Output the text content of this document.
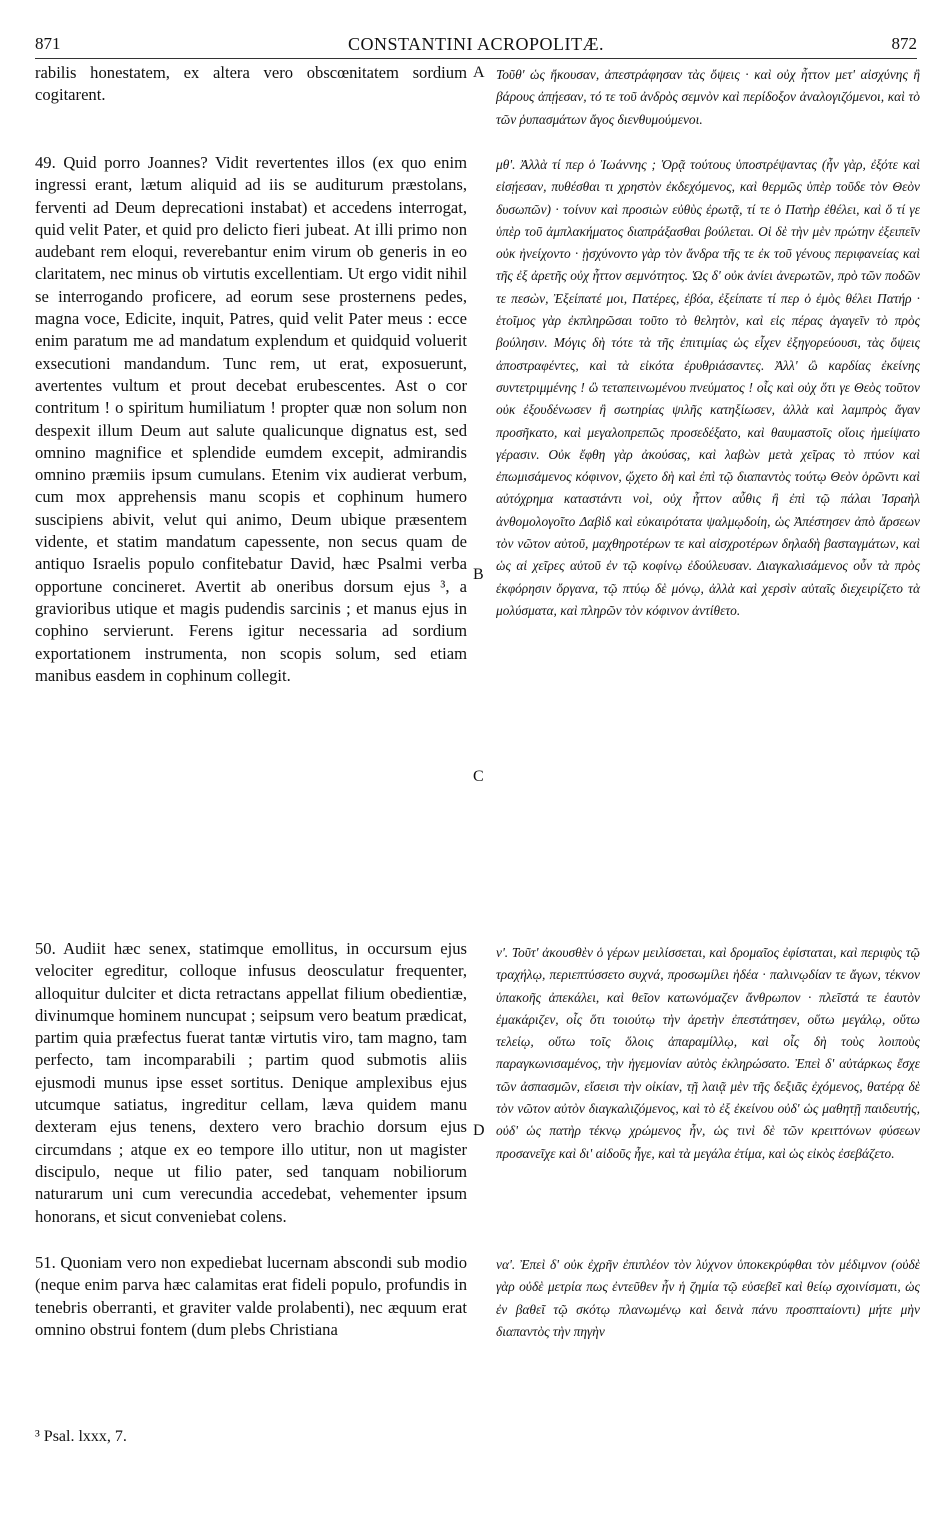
871	CONSTANTINI ACROPOLITÆ.	872

rabilis honestatem, ex altera vero obscœnitatem sordium cogitarent.

49. Quid porro Joannes? Vidit revertentes illos (ex quo enim ingressi erant, lætum aliquid ad iis se auditurum præstolans, ferventi ad Deum deprecationi instabat) et accedens interrogat, quid velit Pater, et quid pro delicto fieri jubeat. At illi primo non audebant rem eloqui, reverebantur enim virum ob generis in eo claritatem, nec minus ob virtutis excellentiam. Ut ergo vidit nihil se interrogando proficere, ad eorum sese prosternens pedes, magna voce, Edicite, inquit, Patres, quid velit Pater meus : ecce enim paratum me ad mandatum explendum et quidquid voluerit exsecutioni mandandum. Tunc rem, ut erat, exposuerunt, avertentes vultum et prout decebat erubescentes. Ast o cor contritum ! o spiritum humiliatum ! propter quæ non solum non despexit illum Deum aut salute qualicunque dignatus est, sed omnino magnifice et splendide eumdem excepit, admirandis omnino præmiis ipsum cumulans. Etenim vix audierat verbum, cum mox apprehensis manu scopis et cophinum humero suscipiens abivit, velut qui animo, Deum ubique præsentem vidente, et statim mandatum capessente, non secus quam de antiquo Israelis populo confitebatur David, hæc Psalmi verba opportune concineret. Avertit ab oneribus dorsum ejus ³, a gravioribus utique et magis pudendis sarcinis ; et manus ejus in cophino servierunt. Ferens igitur necessaria ad sordium exportationem instrumenta, non scopis solum, sed etiam manibus easdem in cophinum collegit.

50. Audiit hæc senex, statimque emollitus, in occursum ejus velociter egreditur, colloque infusus deosculatur frequenter, alloquitur dulciter et dicta retractans appellat filium obedientiæ, divinumque hominem nuncupat ; seipsum vero beatum prædicat, partim quia præfectus fuerat tantæ virtutis viro, tam magno, tam perfecto, tam incomparabili ; partim quod submotis aliis ejusmodi munus ipse esset sortitus. Denique amplexibus ejus utcumque satiatus, ingreditur cellam, læva quidem manu dexteram ejus tenens, dextero vero brachio dorsum ejus circumdans ; atque ex eo tempore illo utitur, non ut magister discipulo, neque ut filio pater, sed tanquam nobiliorum naturarum uni cum verecundia accedebat, vehementer ipsum honorans, et sicut conveniebat colens.

51. Quoniam vero non expediebat lucernam abscondi sub modio (neque enim parva hæc calamitas erat fideli populo, profundis in tenebris oberranti, et graviter valde prolabenti), nec æquum erat omnino obstrui fontem (dum plebs Christiana

A
B
C
D

Τοῦθ' ὡς ἤκουσαν, ἀπεστράφησαν τὰς ὄψεις · καὶ οὐχ ἧττον μετ' αἰσχύνης ἢ βάρους ἀπῄεσαν, τό τε τοῦ ἀνδρὸς σεμνὸν καὶ περίδοξον ἀναλογιζόμενοι, καὶ τὸ τῶν ῥυπασμάτων ἄγος διενθυμούμενοι.

μθ'. Ἀλλὰ τί περ ὁ Ἰωάννης ; Ὁρᾷ τούτους ὑποστρέψαντας (ἦν γὰρ, ἐξότε καὶ εἰσῄεσαν, πυθέσθαι τι χρηστὸν ἐκδεχόμενος, καὶ θερμῶς ὑπὲρ τοῦδε τὸν Θεὸν δυσωπῶν) · τοίνυν καὶ προσιὼν εὐθὺς ἐρωτᾷ, τί τε ὁ Πατὴρ ἐθέλει, καὶ ὅ τί γε ὑπὲρ τοῦ ἀμπλακήματος διαπράξασθαι βούλεται. Οἱ δὲ τὴν μὲν πρώτην ἐξειπεῖν οὐκ ἠνείχοντο · ᾐσχύνοντο γὰρ τὸν ἄνδρα τῆς τε ἐκ τοῦ γένους περιφανείας καὶ τῆς ἐξ ἀρετῆς οὐχ ἧττον σεμνότητος. Ὡς δ' οὐκ ἀνίει ἀνερωτῶν, πρὸ τῶν ποδῶν τε πεσὼν, Ἐξείπατέ μοι, Πατέρες, ἐβόα, ἐξείπατε τί περ ὁ ἐμὸς θέλει Πατήρ · ἑτοῖμος γὰρ ἐκπληρῶσαι τοῦτο τὸ θελητὸν, καὶ εἰς πέρας ἀγαγεῖν τὸ πρὸς βούλησιν. Μόγις δὴ τότε τὰ τῆς ἐπιτιμίας ὡς εἶχεν ἐξηγορεύουσι, τὰς ὄψεις ἀποστραφέντες, καὶ τὰ εἰκότα ἐρυθριάσαντες. Ἀλλ' ὢ καρδίας ἐκείνης συντετριμμένης ! ὢ τεταπεινωμένου πνεύματος ! οἷς καὶ οὐχ ὅτι γε Θεὸς τοῦτον οὐκ ἐξουδένωσεν ἢ σωτηρίας ψιλῆς κατηξίωσεν, ἀλλὰ καὶ λαμπρὸς ἄγαν προσῆκατο, καὶ μεγαλοπρεπῶς προσεδέξατο, καὶ θαυμαστοῖς οἵοις ἠμείψατο γέρασιν. Οὐκ ἔφθη γὰρ ἀκούσας, καὶ λαβὼν μετὰ χεῖρας τὸ πτύον καὶ ἐπωμισάμενος κόφινον, ᾤχετο δὴ καὶ ἐπὶ τῷ διαπαντὸς τούτῳ Θεὸν ὁρῶντι καὶ αὐτόχρημα καταστάντι νοὶ, οὐχ ἧττον αὖθις ἢ ἐπὶ τῷ πάλαι Ἰσραὴλ ἀνθομολογοῖτο Δαβὶδ καὶ εὐκαιρότατα ψαλμῳδοίη, ὡς Ἀπέστησεν ἀπὸ ἄρσεων τὸν νῶτον αὐτοῦ, μαχθηροτέρων τε καὶ αἰσχροτέρων δηλαδὴ βασταγμάτων, καὶ ὡς αἱ χεῖρες αὐτοῦ ἐν τῷ κοφίνῳ ἐδούλευσαν. Διαγκαλισάμενος οὖν τὰ πρὸς ἐκφόρησιν ὄργανα, τῷ πτύῳ δὲ μόνῳ, ἀλλὰ καὶ χερσὶν αὐταῖς διεχειρίζετο τὰ μολύσματα, καὶ πληρῶν τὸν κόφινον ἀντίθετο.

ν'. Τοῦτ' ἀκουσθὲν ὁ γέρων μειλίσσεται, καὶ δρομαῖος ἐφίσταται, καὶ περιφὺς τῷ τραχήλῳ, περιεπτύσσετο συχνά, προσωμίλει ἡδέα · παλινῳδίαν τε ἄγων, τέκνον ὑπακοῆς ἀπεκάλει, καὶ θεῖον κατωνόμαζεν ἄνθρωπον · πλεῖστά τε ἑαυτὸν ἐμακάριζεν, οἷς ὅτι τοιούτῳ τὴν ἀρετὴν ἐπεστάτησεν, οὕτω μεγάλῳ, οὕτω τελείῳ, οὕτω τοῖς ὅλοις ἀπαραμίλλῳ, καὶ οἷς δὴ τοὺς λοιποὺς παραγκωνισαμένος, τὴν ἡγεμονίαν αὐτὸς ἐκληρώσατο. Ἐπεὶ δ' αὐτάρκως ἔσχε τῶν ἀσπασμῶν, εἴσεισι τὴν οἰκίαν, τῇ λαιᾷ μὲν τῆς δεξιᾶς ἐχόμενος, θατέρᾳ δὲ τὸν νῶτον αὐτὸν διαγκαλιζόμενος, καὶ τὸ ἐξ ἐκείνου οὐδ' ὡς μαθητῇ παιδευτής, οὐδ' ὡς πατὴρ τέκνῳ χρώμενος ἦν, ὡς τινὶ δὲ τῶν κρειττόνων φύσεων προσανεῖχε καὶ δι' αἰδοῦς ἦγε, καὶ τὰ μεγάλα ἐτίμα, καὶ ὡς εἰκὸς ἐσεβάζετο.

να'. Ἐπεὶ δ' οὐκ ἐχρῆν ἐπιπλέον τὸν λύχνον ὑποκεκρύφθαι τὸν μέδιμνον (οὐδὲ γὰρ οὐδὲ μετρία πως ἐντεῦθεν ἦν ἡ ζημία τῷ εὐσεβεῖ καὶ θείῳ σχοινίσματι, ὡς ἐν βαθεῖ τῷ σκότῳ πλανωμένῳ καὶ δεινὰ πάνυ προσπταίοντι) μήτε μὴν διαπαντὸς τὴν πηγὴν

³ Psal. lxxx, 7.
